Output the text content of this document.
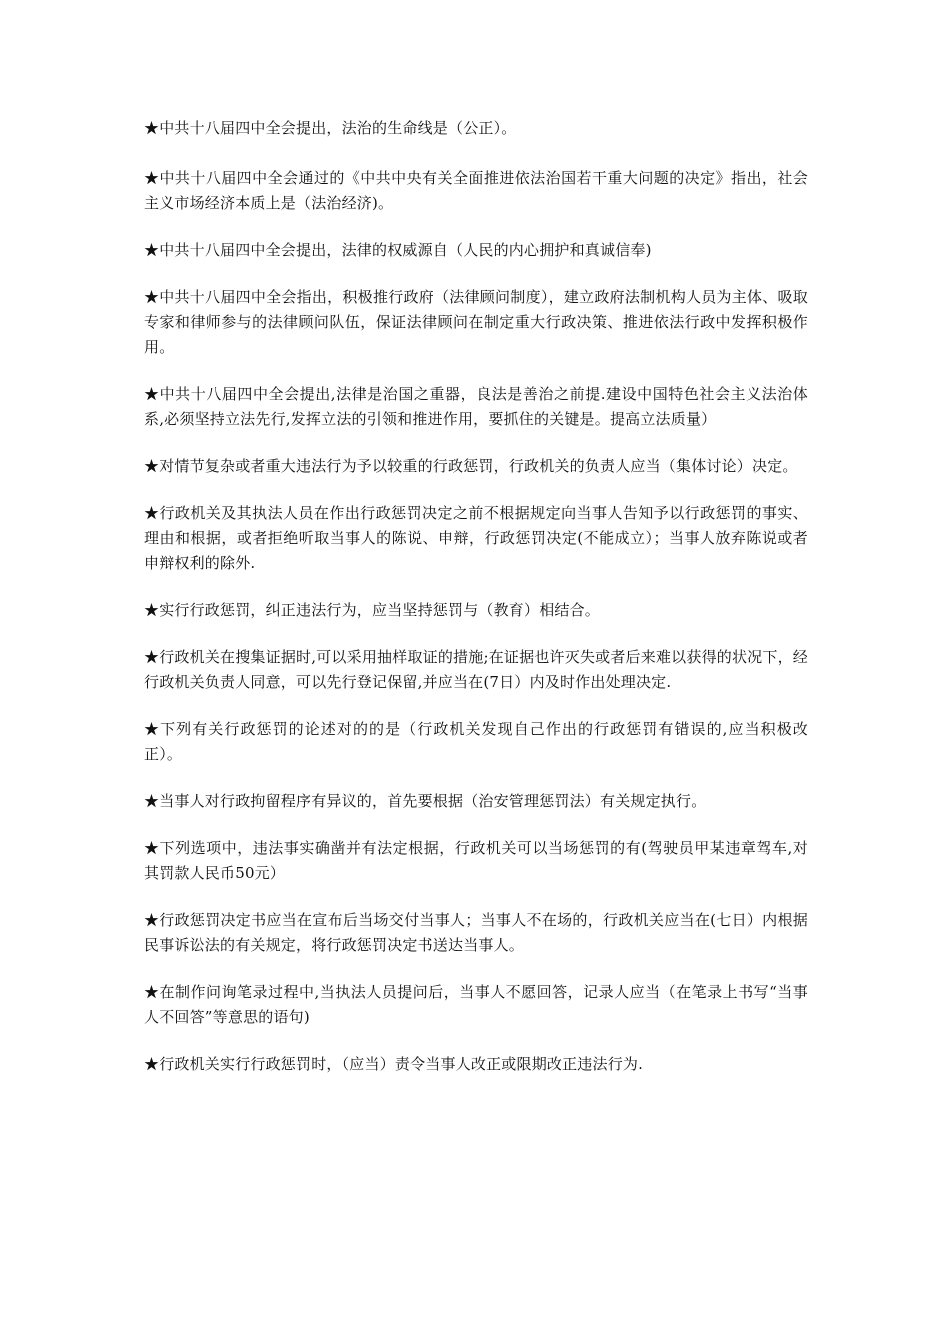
★中共十八届四中全会提出，法治的生命线是（公正）。

★中共十八届四中全会通过的《中共中央有关全面推进依法治国若干重大问题的决定》指出，社会主义市场经济本质上是（法治经济)。

★中共十八届四中全会提出，法律的权威源自（人民的内心拥护和真诚信奉)

★中共十八届四中全会指出，积极推行政府（法律顾问制度），建立政府法制机构人员为主体、吸取专家和律师参与的法律顾问队伍，保证法律顾问在制定重大行政决策、推进依法行政中发挥积极作用。

★中共十八届四中全会提出,法律是治国之重器，良法是善治之前提.建设中国特色社会主义法治体系,必须坚持立法先行,发挥立法的引领和推进作用，要抓住的关键是。提高立法质量）

★对情节复杂或者重大违法行为予以较重的行政惩罚，行政机关的负责人应当（集体讨论）决定。

★行政机关及其执法人员在作出行政惩罚决定之前不根据规定向当事人告知予以行政惩罚的事实、理由和根据，或者拒绝听取当事人的陈说、申辩，行政惩罚决定(不能成立）；当事人放弃陈说或者申辩权利的除外.

★实行行政惩罚，纠正违法行为，应当坚持惩罚与（教育）相结合。

★行政机关在搜集证据时,可以采用抽样取证的措施;在证据也许灭失或者后来难以获得的状况下，经行政机关负责人同意，可以先行登记保留,并应当在(7日）内及时作出处理决定.

★下列有关行政惩罚的论述对的的是（行政机关发现自己作出的行政惩罚有错误的,应当积极改正）。

★当事人对行政拘留程序有异议的，首先要根据（治安管理惩罚法）有关规定执行。

★下列选项中，违法事实确凿并有法定根据，行政机关可以当场惩罚的有(驾驶员甲某违章驾车,对其罚款人民币50元）

★行政惩罚决定书应当在宣布后当场交付当事人；当事人不在场的，行政机关应当在(七日）内根据民事诉讼法的有关规定，将行政惩罚决定书送达当事人。

★在制作问询笔录过程中,当执法人员提问后，当事人不愿回答，记录人应当（在笔录上书写“当事人不回答”等意思的语句)

★行政机关实行行政惩罚时，（应当）责令当事人改正或限期改正违法行为.
